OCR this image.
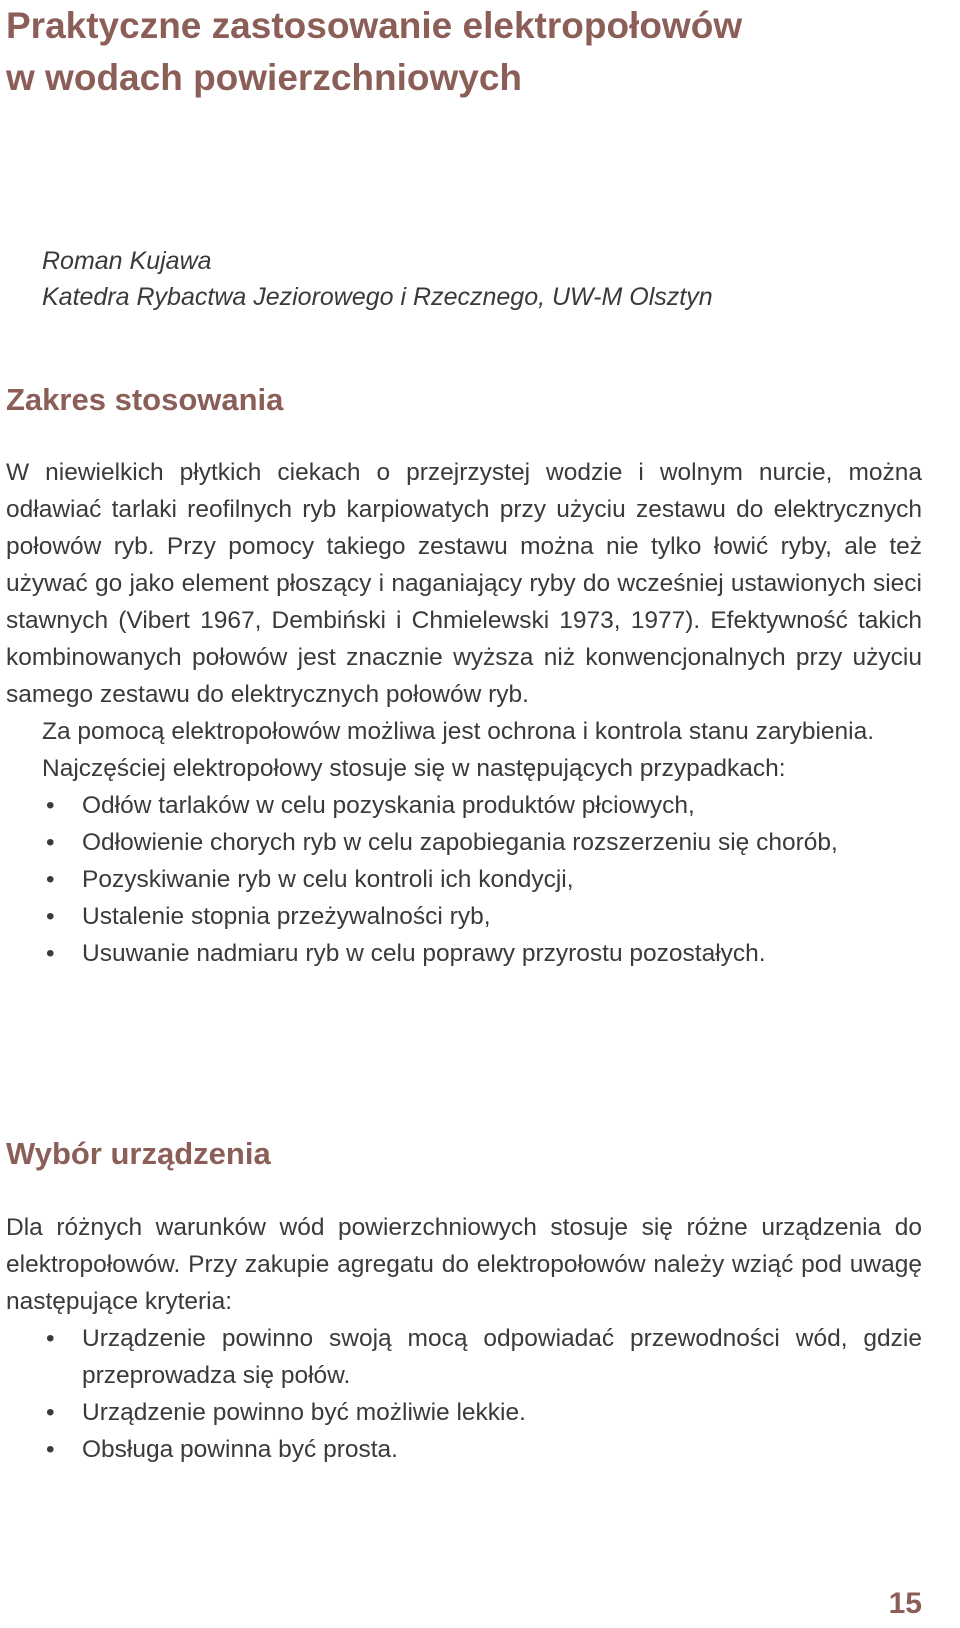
Praktyczne zastosowanie elektropołowów
w wodach powierzchniowych
Roman Kujawa
Katedra Rybactwa Jeziorowego i Rzecznego, UW-M Olsztyn
Zakres stosowania

W niewielkich płytkich ciekach o przejrzystej wodzie i wolnym nurcie, można odławiać tarlaki reofilnych ryb karpiowatych przy użyciu zestawu do elektrycznych połowów ryb. Przy pomocy takiego zestawu można nie tylko łowić ryby, ale też używać go jako element płoszący i naganiający ryby do wcześniej ustawionych sieci stawnych (Vibert 1967, Dembiński i Chmielewski 1973, 1977). Efektywność takich kombinowanych połowów jest znacznie wyższa niż konwencjonalnych przy użyciu samego zestawu do elektrycznych połowów ryb.

Za pomocą elektropołowów możliwa jest ochrona i kontrola stanu zarybienia.

Najczęściej elektropołowy stosuje się w następujących przypadkach:

• Odłów tarlaków w celu pozyskania produktów płciowych,
• Odłowienie chorych ryb w celu zapobiegania rozszerzeniu się chorób,
• Pozyskiwanie ryb w celu kontroli ich kondycji,
• Ustalenie stopnia przeżywalności ryb,
• Usuwanie nadmiaru ryb w celu poprawy przyrostu pozostałych.
Wybór urządzenia

Dla różnych warunków wód powierzchniowych stosuje się różne urządzenia do elektropołowów. Przy zakupie agregatu do elektropołowów należy wziąć pod uwagę następujące kryteria:

• Urządzenie powinno swoją mocą odpowiadać przewodności wód, gdzie przeprowadza się połów.
• Urządzenie powinno być możliwie lekkie.
• Obsługa powinna być prosta.
15
